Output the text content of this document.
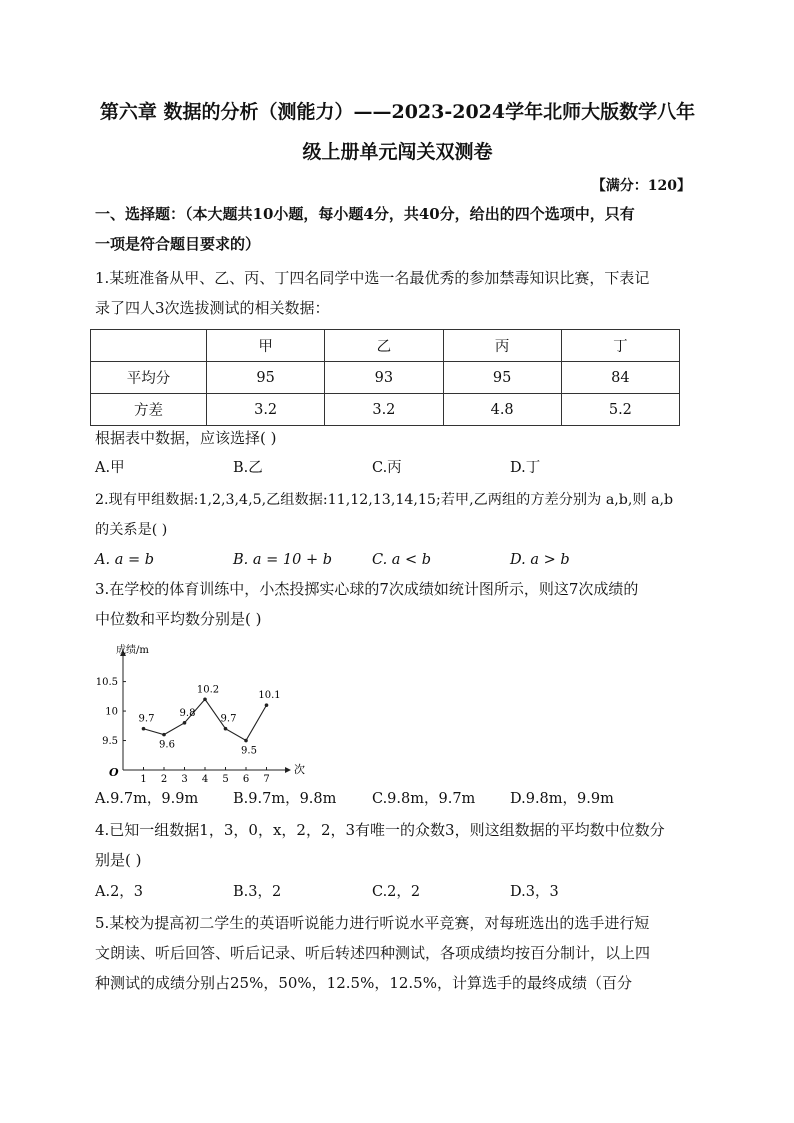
第六章 数据的分析（测能力）——2023-2024学年北师大版数学八年
级上册单元闯关双测卷
【满分：120】
一、选择题：（本大题共10小题，每小题4分，共40分，给出的四个选项中，只有
一项是符合题目要求的）
1.某班准备从甲、乙、丙、丁四名同学中选一名最优秀的参加禁毒知识比赛，下表记
录了四人3次选拔测试的相关数据：
	甲	乙	丙	丁
平均分	95	93	95	84
方差	3.2	3.2	4.8	5.2
根据表中数据，应该选择( )
A.甲	B.乙	C.丙	D.丁
2.现有甲组数据:1,2,3,4,5,乙组数据:11,12,13,14,15;若甲,乙两组的方差分别为 a,b,则 a,b
的关系是( )
A. a = b	B. a = 10 + b	C. a < b	D. a > b
3.在学校的体育训练中，小杰投掷实心球的7次成绩如统计图所示，则这7次成绩的
中位数和平均数分别是( )
成绩/m
次
O
1 2 3 4 5 6 7
9.5
10
10.5
9.7
9.6
9.8
10.2
9.7
9.5
10.1
A.9.7m，9.9m B.9.7m，9.8m C.9.8m，9.7m D.9.8m，9.9m
4.已知一组数据1，3，0，x，2，2，3有唯一的众数3，则这组数据的平均数中位数分
别是( )
A.2，3	B.3，2	C.2，2	D.3，3
5.某校为提高初二学生的英语听说能力进行听说水平竞赛，对每班选出的选手进行短
文朗读、听后回答、听后记录、听后转述四种测试，各项成绩均按百分制计，以上四
种测试的成绩分别占25%，50%，12.5%，12.5%，计算选手的最终成绩（百分
